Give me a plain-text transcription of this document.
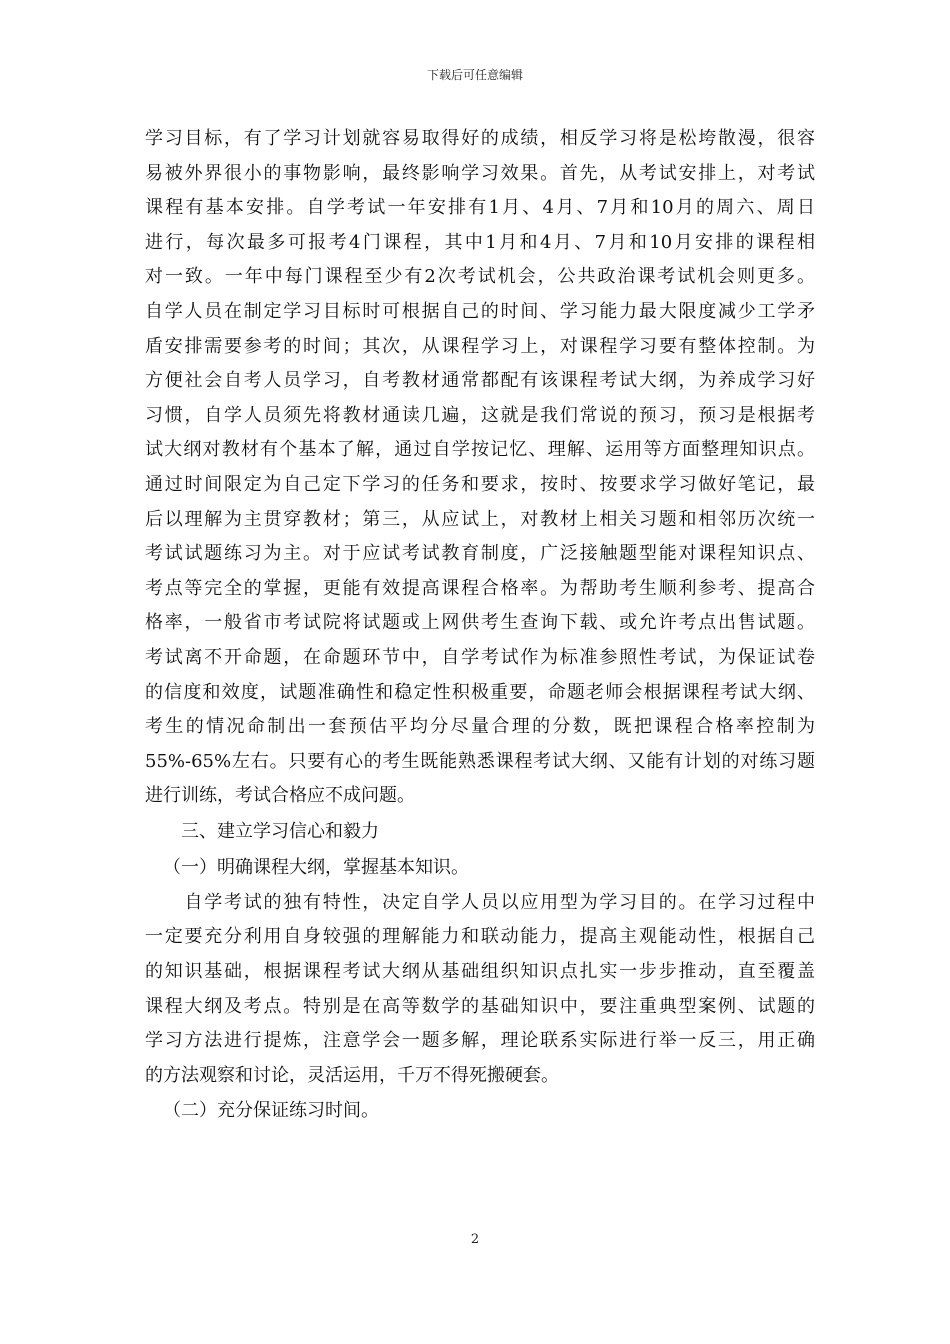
下载后可任意编辑
学习目标，有了学习计划就容易取得好的成绩，相反学习将是松垮散漫，很容
易被外界很小的事物影响，最终影响学习效果。首先，从考试安排上，对考试
课程有基本安排。自学考试一年安排有1月、4月、7月和10月的周六、周日
进行，每次最多可报考4门课程，其中1月和4月、7月和10月安排的课程相
对一致。一年中每门课程至少有2次考试机会，公共政治课考试机会则更多。
自学人员在制定学习目标时可根据自己的时间、学习能力最大限度减少工学矛
盾安排需要参考的时间；其次，从课程学习上，对课程学习要有整体控制。为
方便社会自考人员学习，自考教材通常都配有该课程考试大纲，为养成学习好
习惯，自学人员须先将教材通读几遍，这就是我们常说的预习，预习是根据考
试大纲对教材有个基本了解，通过自学按记忆、理解、运用等方面整理知识点。
通过时间限定为自己定下学习的任务和要求，按时、按要求学习做好笔记，最
后以理解为主贯穿教材；第三，从应试上，对教材上相关习题和相邻历次统一
考试试题练习为主。对于应试考试教育制度，广泛接触题型能对课程知识点、
考点等完全的掌握，更能有效提高课程合格率。为帮助考生顺利参考、提高合
格率，一般省市考试院将试题或上网供考生查询下载、或允许考点出售试题。
考试离不开命题，在命题环节中，自学考试作为标准参照性考试，为保证试卷
的信度和效度，试题准确性和稳定性积极重要，命题老师会根据课程考试大纲、
考生的情况命制出一套预估平均分尽量合理的分数，既把课程合格率控制为
55%-65%左右。只要有心的考生既能熟悉课程考试大纲、又能有计划的对练习题
进行训练，考试合格应不成问题。
三、建立学习信心和毅力
（一）明确课程大纲，掌握基本知识。
　　自学考试的独有特性，决定自学人员以应用型为学习目的。在学习过程中
一定要充分利用自身较强的理解能力和联动能力，提高主观能动性，根据自己
的知识基础，根据课程考试大纲从基础组织知识点扎实一步步推动，直至覆盖
课程大纲及考点。特别是在高等数学的基础知识中，要注重典型案例、试题的
学习方法进行提炼，注意学会一题多解，理论联系实际进行举一反三，用正确
的方法观察和讨论，灵活运用，千万不得死搬硬套。
（二）充分保证练习时间。
2
